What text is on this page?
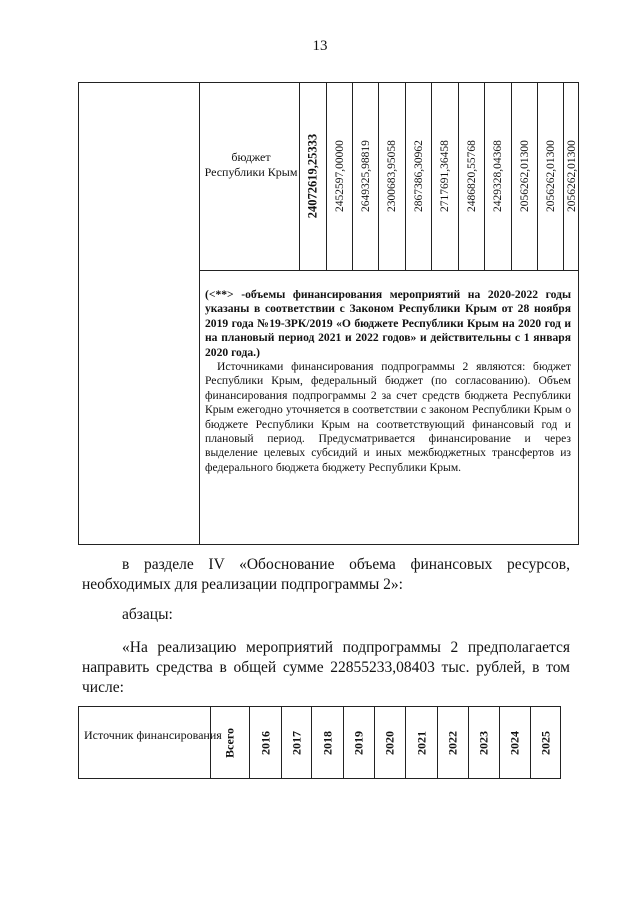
13
бюджет Республики Крым 24072619,25333 2452597,00000 2649325,98819 2300683,95058 2867386,30962 2717691,36458 2486820,55768 2429328,04368 2056262,01300 2056262,01300 2056262,01300

(<**> -объемы финансирования мероприятий на 2020-2022 годы указаны в соответствии с Законом Республики Крым от 28 ноября 2019 года №19-ЗРК/2019 «О бюджете Республики Крым на 2020 год и на плановый период 2021 и 2022 годов» и действительны с 1 января 2020 года.)

Источниками финансирования подпрограммы 2 являются: бюджет Республики Крым, федеральный бюджет (по согласованию). Объем финансирования подпрограммы 2 за счет средств бюджета Республики Крым ежегодно уточняется в соответствии с законом Республики Крым о бюджете Республики Крым на соответствующий финансовый год и плановый период. Предусматривается финансирование и через выделение целевых субсидий и иных межбюджетных трансфертов из федерального бюджета бюджету Республики Крым.

в разделе IV «Обоснование объема финансовых ресурсов, необходимых для реализации подпрограммы 2»:
абзацы:
«На реализацию мероприятий подпрограммы 2 предполагается направить средства в общей сумме 22855233,08403 тыс. рублей, в том числе:
Источник финансирования Всего 2016 2017 2018 2019 2020 2021 2022 2023 2024 2025
